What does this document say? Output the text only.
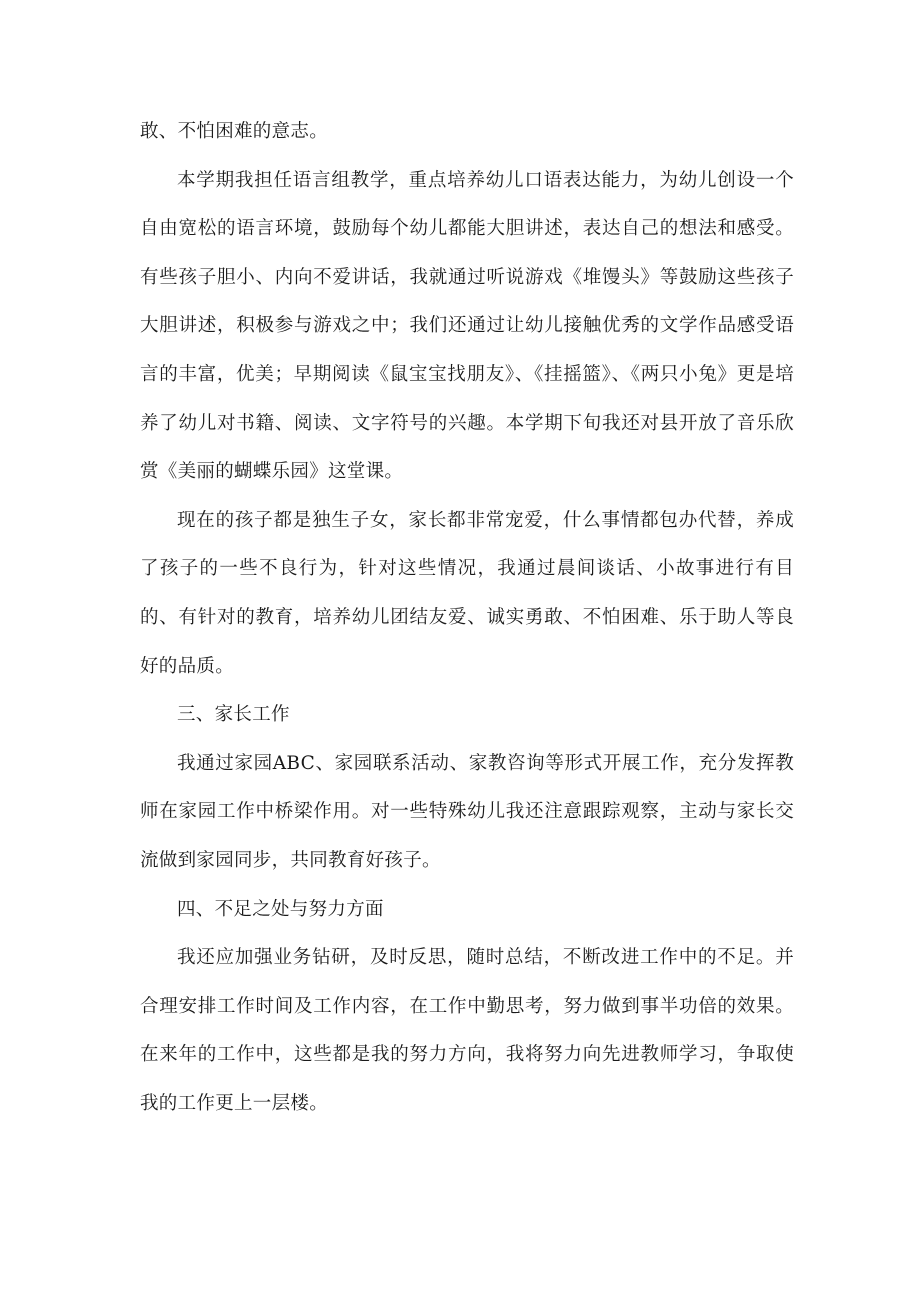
敢、不怕困难的意志。

本学期我担任语言组教学，重点培养幼儿口语表达能力，为幼儿创设一个自由宽松的语言环境，鼓励每个幼儿都能大胆讲述，表达自己的想法和感受。有些孩子胆小、内向不爱讲话，我就通过听说游戏《堆馒头》等鼓励这些孩子大胆讲述，积极参与游戏之中；我们还通过让幼儿接触优秀的文学作品感受语言的丰富，优美；早期阅读《鼠宝宝找朋友》、《挂摇篮》、《两只小兔》更是培养了幼儿对书籍、阅读、文字符号的兴趣。本学期下旬我还对县开放了音乐欣赏《美丽的蝴蝶乐园》这堂课。

现在的孩子都是独生子女，家长都非常宠爱，什么事情都包办代替，养成了孩子的一些不良行为，针对这些情况，我通过晨间谈话、小故事进行有目的、有针对的教育，培养幼儿团结友爱、诚实勇敢、不怕困难、乐于助人等良好的品质。

三、家长工作

我通过家园ABC、家园联系活动、家教咨询等形式开展工作，充分发挥教师在家园工作中桥梁作用。对一些特殊幼儿我还注意跟踪观察，主动与家长交流做到家园同步，共同教育好孩子。

四、不足之处与努力方面

我还应加强业务钻研，及时反思，随时总结，不断改进工作中的不足。并合理安排工作时间及工作内容，在工作中勤思考，努力做到事半功倍的效果。在来年的工作中，这些都是我的努力方向，我将努力向先进教师学习，争取使我的工作更上一层楼。
